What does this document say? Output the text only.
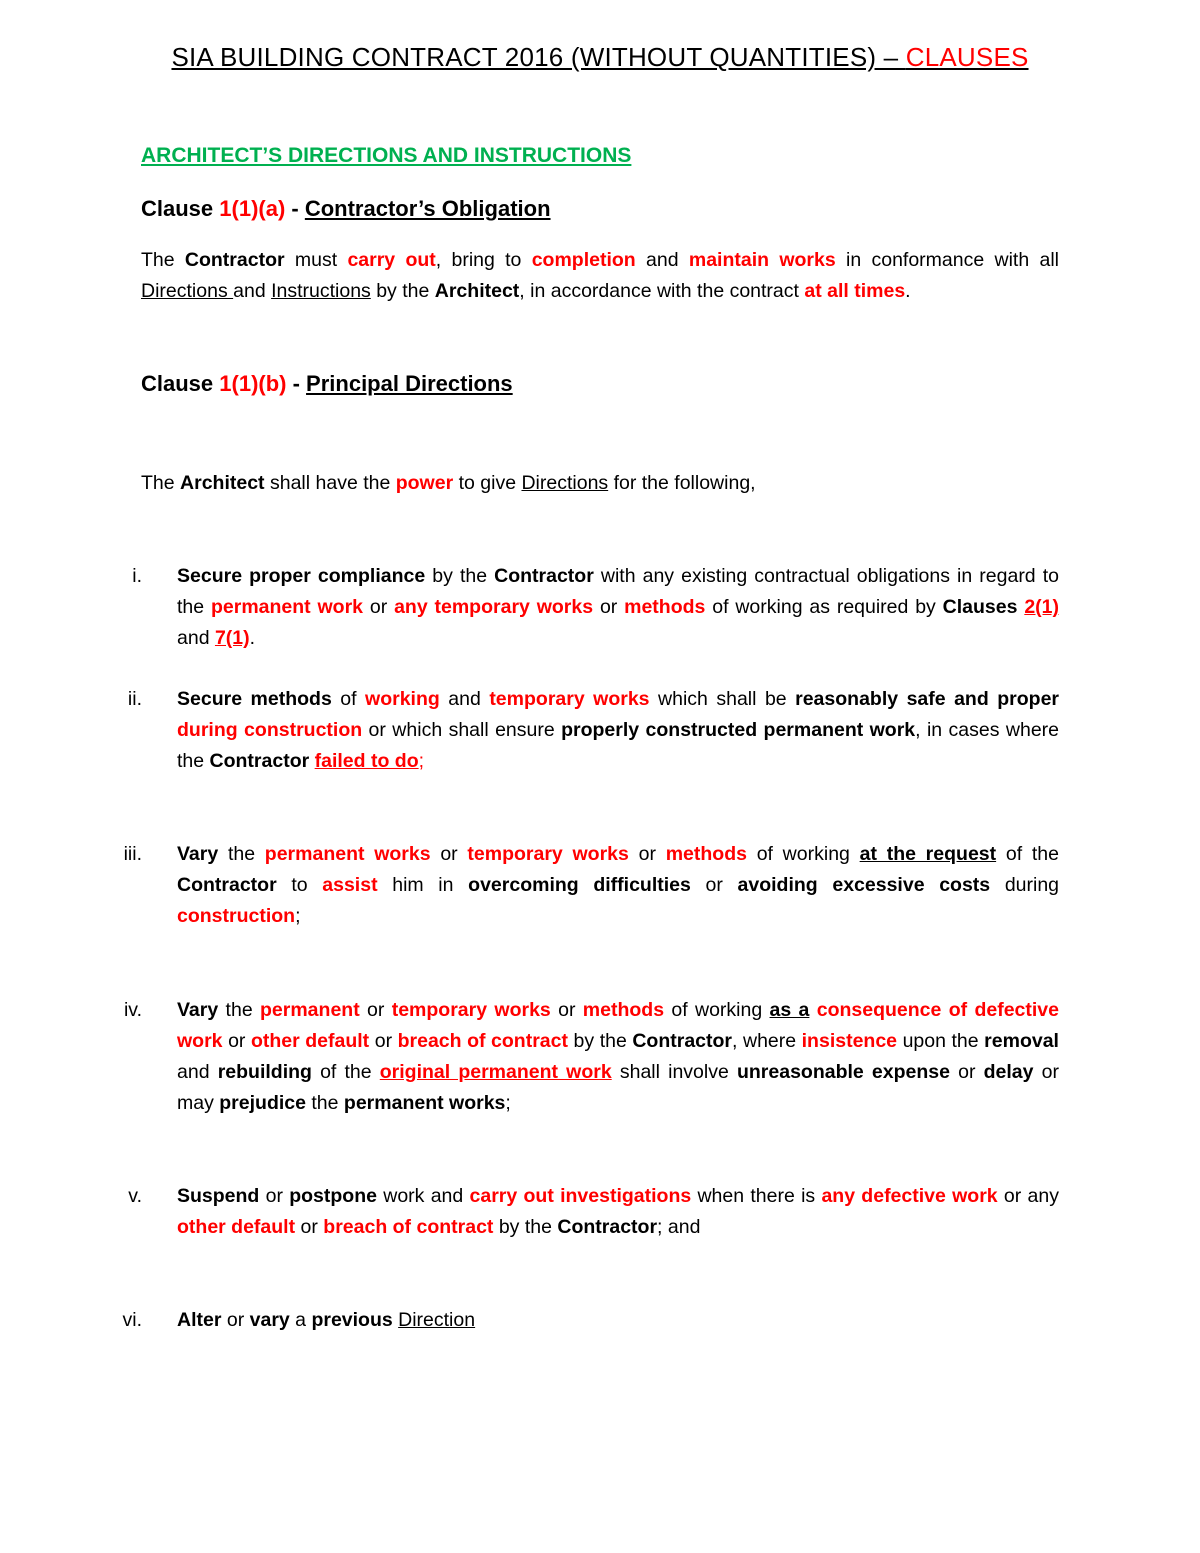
SIA BUILDING CONTRACT 2016 (WITHOUT QUANTITIES) – CLAUSES
ARCHITECT’S DIRECTIONS AND INSTRUCTIONS
Clause 1(1)(a) - Contractor’s Obligation
The Contractor must carry out, bring to completion and maintain works in conformance with all Directions and Instructions by the Architect, in accordance with the contract at all times.
Clause 1(1)(b) - Principal Directions
The Architect shall have the power to give Directions for the following,
i. Secure proper compliance by the Contractor with any existing contractual obligations in regard to the permanent work or any temporary works or methods of working as required by Clauses 2(1) and 7(1).
ii. Secure methods of working and temporary works which shall be reasonably safe and proper during construction or which shall ensure properly constructed permanent work, in cases where the Contractor failed to do;
iii. Vary the permanent works or temporary works or methods of working at the request of the Contractor to assist him in overcoming difficulties or avoiding excessive costs during construction;
iv. Vary the permanent or temporary works or methods of working as a consequence of defective work or other default or breach of contract by the Contractor, where insistence upon the removal and rebuilding of the original permanent work shall involve unreasonable expense or delay or may prejudice the permanent works;
v. Suspend or postpone work and carry out investigations when there is any defective work or any other default or breach of contract by the Contractor; and
vi. Alter or vary a previous Direction
